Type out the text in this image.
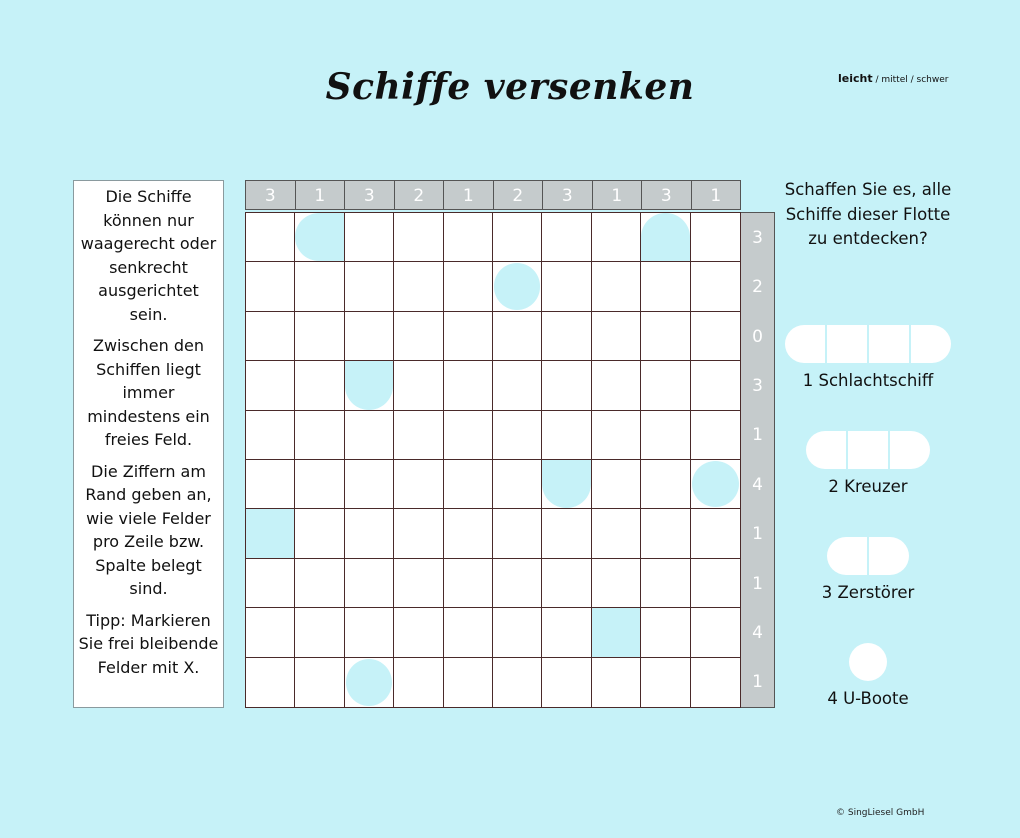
Schiffe versenken	leicht / mittel / schwer

Die Schiffe können nur waagerecht oder senkrecht ausgerichtet sein.

Zwischen den Schiffen liegt immer mindestens ein freies Feld.

Die Ziffern am Rand geben an, wie viele Felder pro Zeile bzw. Spalte belegt sind.

Tipp: Markieren Sie frei bleibende Felder mit X.

3	1	3	2	1	2	3	1	3	1
3
2
0
3
1
4
1
1
4
1
Schaffen Sie es, alle Schiffe dieser Flotte zu entdecken?
1 Schlachtschiff
2 Kreuzer
3 Zerstörer
4 U-Boote
© SingLiesel GmbH
